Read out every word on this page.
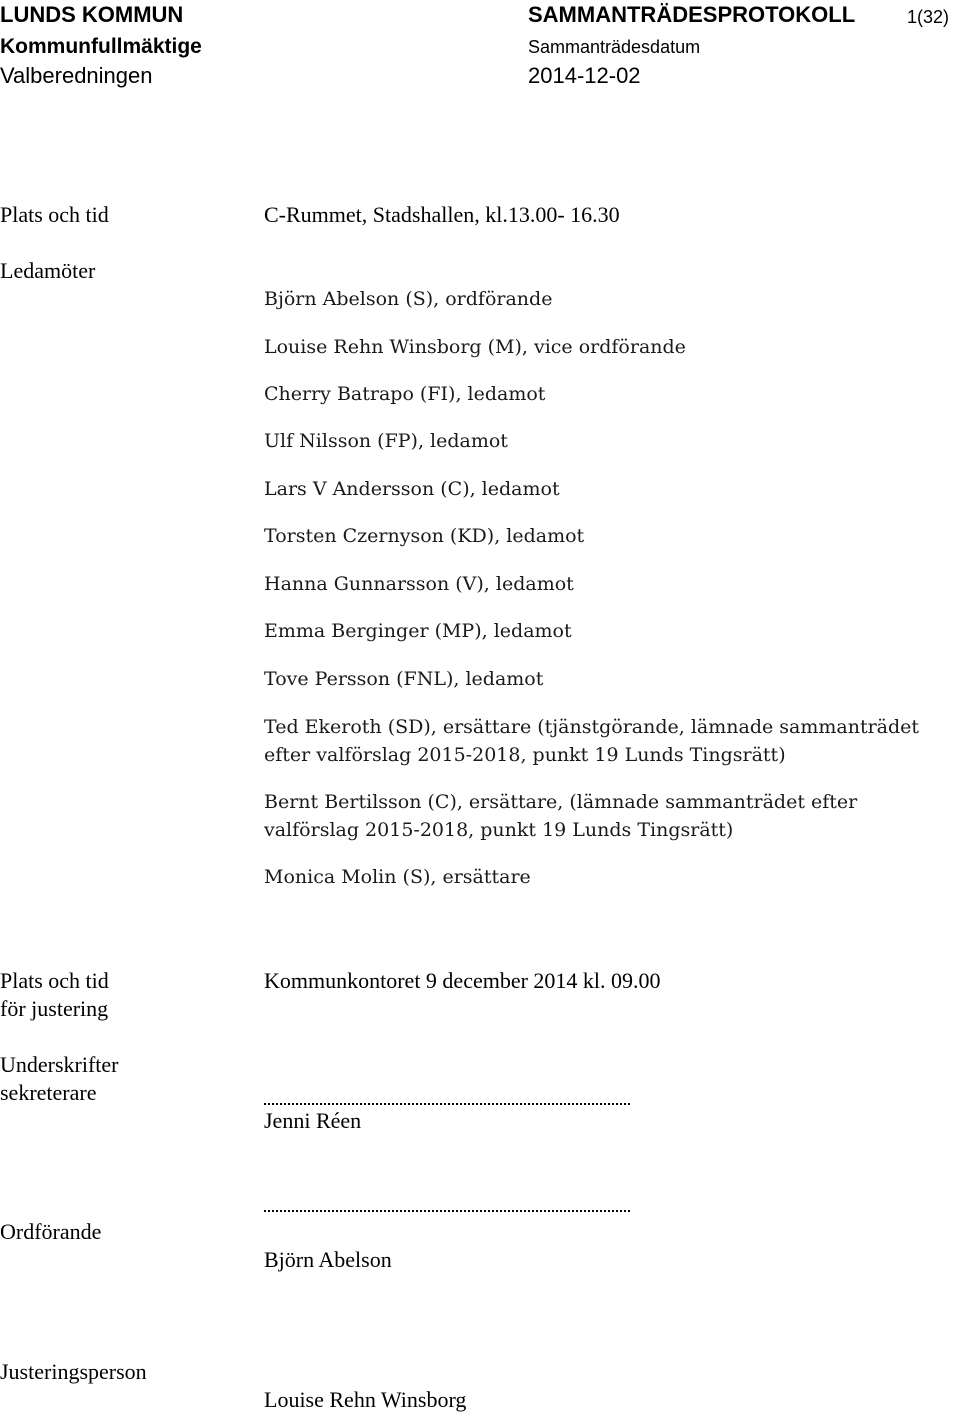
LUNDS KOMMUN
Kommunfullmäktige
Valberedningen
SAMMANTRÄDESPROTOKOLL	1(32)
Sammanträdesdatum
2014-12-02
Plats och tid	C-Rummet, Stadshallen, kl.13.00- 16.30
Ledamöter
Björn Abelson (S), ordförande
Louise Rehn Winsborg (M), vice ordförande
Cherry Batrapo (FI), ledamot
Ulf Nilsson (FP), ledamot
Lars V Andersson (C), ledamot
Torsten Czernyson (KD), ledamot
Hanna Gunnarsson (V), ledamot
Emma Berginger (MP), ledamot
Tove Persson (FNL), ledamot
Ted Ekeroth (SD), ersättare (tjänstgörande, lämnade sammanträdet
efter valförslag 2015-2018, punkt 19 Lunds Tingsrätt)
Bernt Bertilsson (C), ersättare, (lämnade sammanträdet efter
valförslag 2015-2018, punkt 19 Lunds Tingsrätt)
Monica Molin (S), ersättare
Plats och tid
för justering
Kommunkontoret 9 december 2014 kl. 09.00
Underskrifter
sekreterare
Jenni Réen
Ordförande
Björn Abelson
Justeringsperson
Louise Rehn Winsborg
